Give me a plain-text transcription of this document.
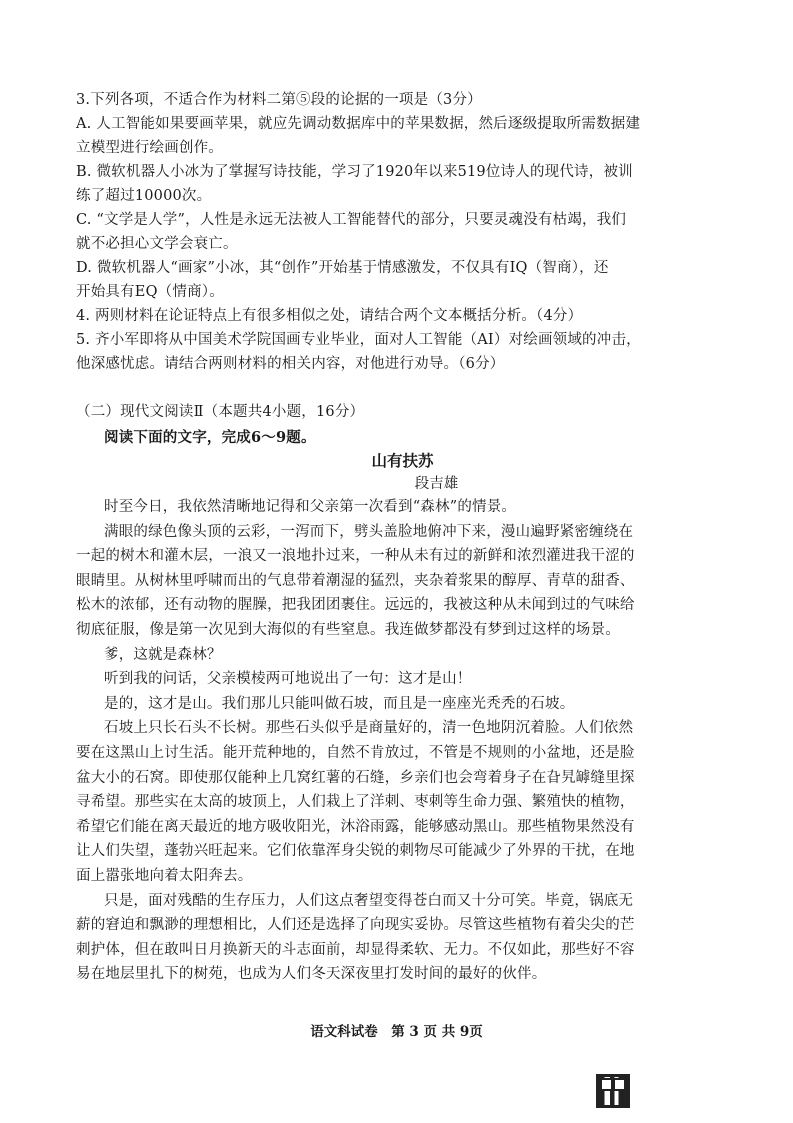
3.下列各项，不适合作为材料二第⑤段的论据的一项是（3分）
A. 人工智能如果要画苹果，就应先调动数据库中的苹果数据，然后逐级提取所需数据建
立模型进行绘画创作。
B. 微软机器人小冰为了掌握写诗技能，学习了1920年以来519位诗人的现代诗，被训
练了超过10000次。
C. “文学是人学”，人性是永远无法被人工智能替代的部分，只要灵魂没有枯竭，我们
就不必担心文学会衰亡。
D. 微软机器人“画家”小冰，其“创作”开始基于情感激发，不仅具有IQ（智商），还
开始具有EQ（情商）。
4. 两则材料在论证特点上有很多相似之处，请结合两个文本概括分析。（4分）
5. 齐小军即将从中国美术学院国画专业毕业，面对人工智能（AI）对绘画领域的冲击，
他深感忧虑。请结合两则材料的相关内容，对他进行劝导。（6分）
（二）现代文阅读Ⅱ（本题共4小题，16分）
阅读下面的文字，完成6～9题。
山有扶苏
段吉雄
时至今日，我依然清晰地记得和父亲第一次看到“森林”的情景。
满眼的绿色像头顶的云彩，一泻而下，劈头盖脸地俯冲下来，漫山遍野紧密缠绕在
一起的树木和灌木层，一浪又一浪地扑过来，一种从未有过的新鲜和浓烈灌进我干涩的
眼睛里。从树林里呼啸而出的气息带着潮湿的猛烈，夹杂着浆果的醇厚、青草的甜香、
松木的浓郁，还有动物的腥臊，把我团团裹住。远远的，我被这种从未闻到过的气味给
彻底征服，像是第一次见到大海似的有些窒息。我连做梦都没有梦到过这样的场景。
爹，这就是森林？
听到我的问话，父亲模棱两可地说出了一句：这才是山！
是的，这才是山。我们那儿只能叫做石坡，而且是一座座光秃秃的石坡。
石坡上只长石头不长树。那些石头似乎是商量好的，清一色地阴沉着脸。人们依然
要在这黑山上讨生活。能开荒种地的，自然不肯放过，不管是不规则的小盆地，还是脸
盆大小的石窝。即使那仅能种上几窝红薯的石缝，乡亲们也会弯着身子在旮旯罅缝里探
寻希望。那些实在太高的坡顶上，人们栽上了洋刺、枣刺等生命力强、繁殖快的植物，
希望它们能在离天最近的地方吸收阳光，沐浴雨露，能够感动黑山。那些植物果然没有
让人们失望，蓬勃兴旺起来。它们依靠浑身尖锐的刺物尽可能减少了外界的干扰，在地
面上嚣张地向着太阳奔去。
只是，面对残酷的生存压力，人们这点奢望变得苍白而又十分可笑。毕竟，锅底无
薪的窘迫和飘渺的理想相比，人们还是选择了向现实妥协。尽管这些植物有着尖尖的芒
刺护体，但在敢叫日月换新天的斗志面前，却显得柔软、无力。不仅如此，那些好不容
易在地层里扎下的树苑，也成为人们冬天深夜里打发时间的最好的伙伴。
语文科试卷　第 3 页 共 9页
